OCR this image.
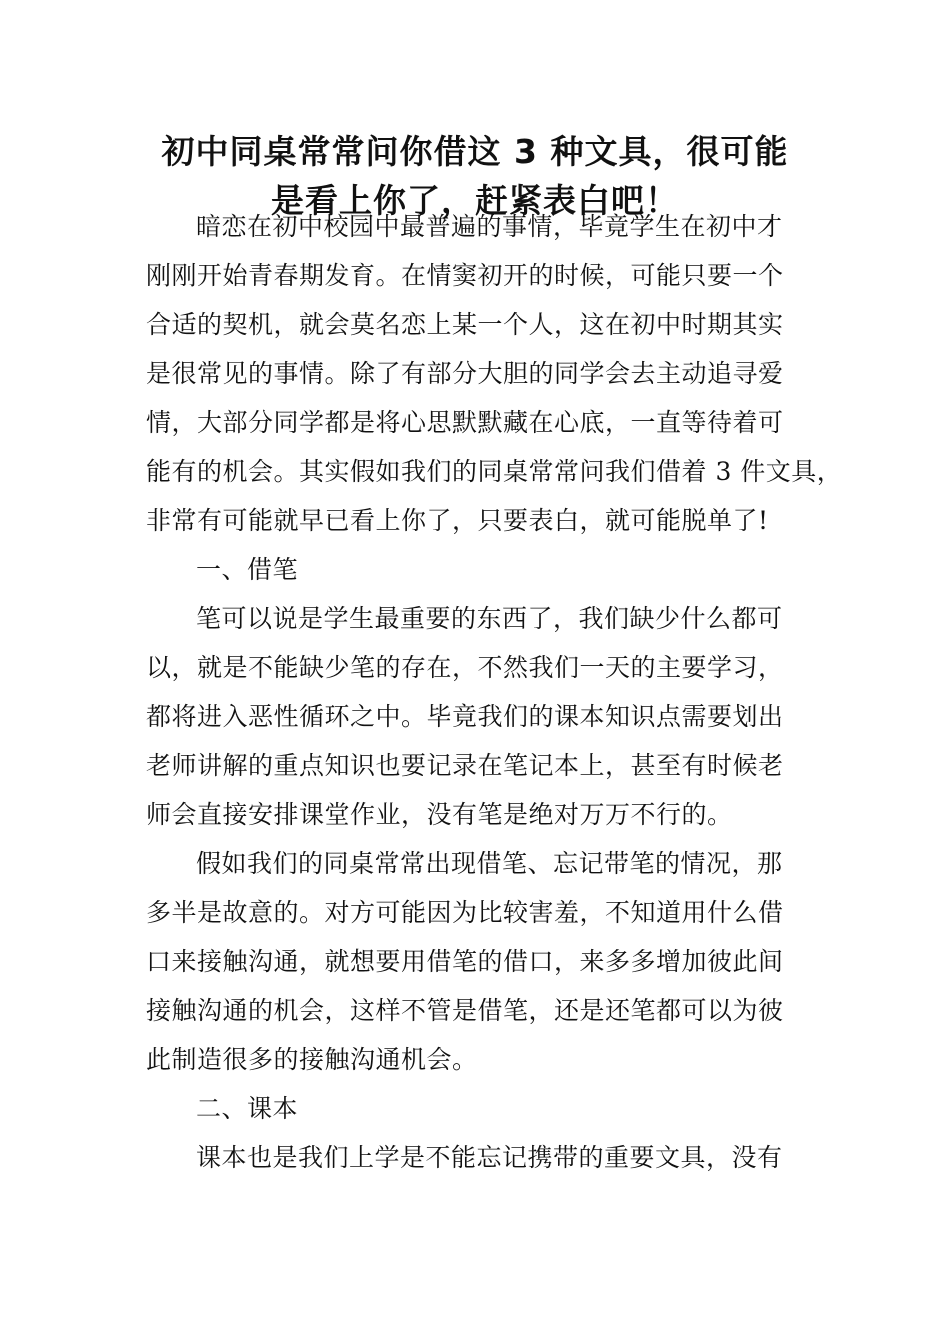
初中同桌常常问你借这 3 种文具，很可能
是看上你了，赶紧表白吧！
暗恋在初中校园中最普遍的事情，毕竟学生在初中才
刚刚开始青春期发育。在情窦初开的时候，可能只要一个
合适的契机，就会莫名恋上某一个人，这在初中时期其实
是很常见的事情。除了有部分大胆的同学会去主动追寻爱
情，大部分同学都是将心思默默藏在心底，一直等待着可
能有的机会。其实假如我们的同桌常常问我们借着 3 件文具，
非常有可能就早已看上你了，只要表白，就可能脱单了!
一、借笔
笔可以说是学生最重要的东西了，我们缺少什么都可
以，就是不能缺少笔的存在，不然我们一天的主要学习，
都将进入恶性循环之中。毕竟我们的课本知识点需要划出
老师讲解的重点知识也要记录在笔记本上，甚至有时候老
师会直接安排课堂作业，没有笔是绝对万万不行的。
假如我们的同桌常常出现借笔、忘记带笔的情况，那
多半是故意的。对方可能因为比较害羞，不知道用什么借
口来接触沟通，就想要用借笔的借口，来多多增加彼此间
接触沟通的机会，这样不管是借笔，还是还笔都可以为彼
此制造很多的接触沟通机会。
二、课本
课本也是我们上学是不能忘记携带的重要文具，没有
